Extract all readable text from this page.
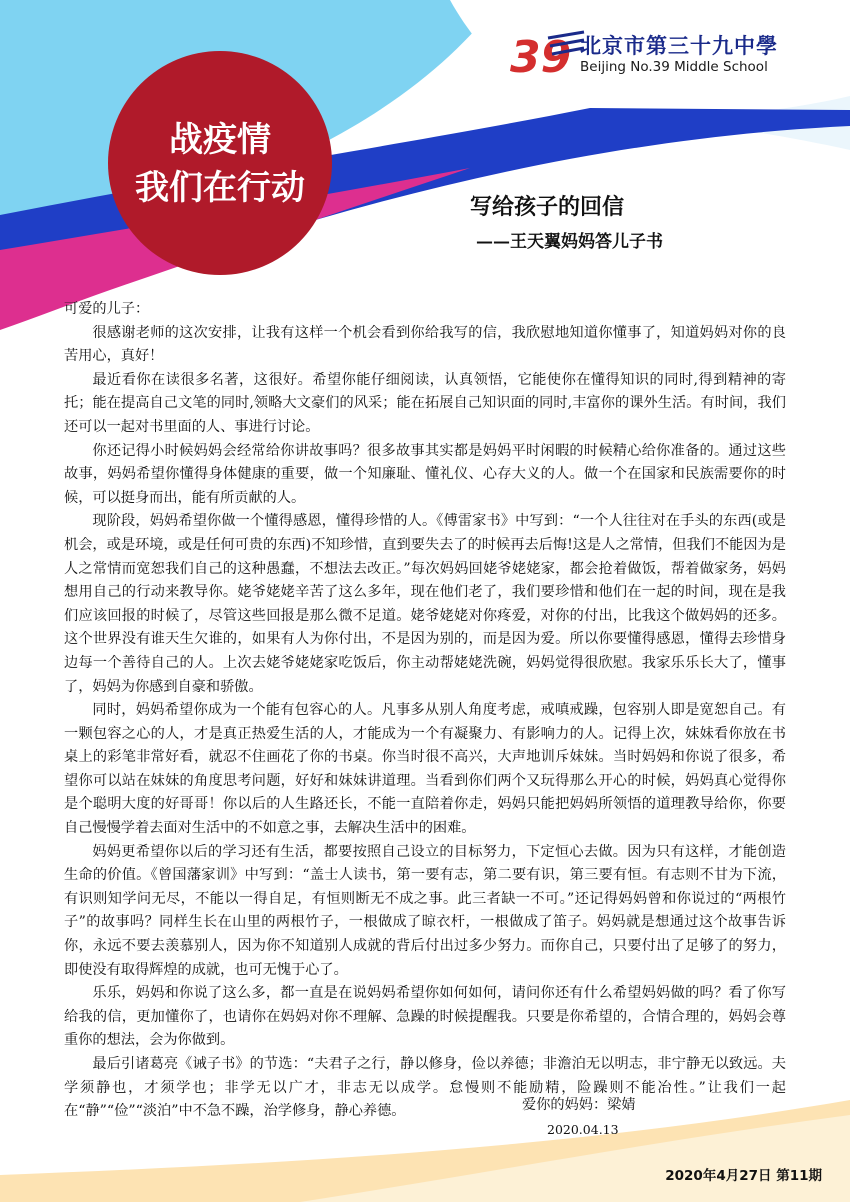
39 北京市第三十九中學
Beijing No.39 Middle School
战疫情
我们在行动	写给孩子的回信
——王天翼妈妈答儿子书

可爱的儿子：

很感谢老师的这次安排，让我有这样一个机会看到你给我写的信，我欣慰地知道你懂事了，知道妈妈对你的良苦用心，真好！

最近看你在读很多名著，这很好。希望你能仔细阅读，认真领悟，它能使你在懂得知识的同时,得到精神的寄托；能在提高自己文笔的同时,领略大文豪们的风采；能在拓展自己知识面的同时,丰富你的课外生活。有时间，我们还可以一起对书里面的人、事进行讨论。

你还记得小时候妈妈会经常给你讲故事吗？很多故事其实都是妈妈平时闲暇的时候精心给你准备的。通过这些故事，妈妈希望你懂得身体健康的重要，做一个知廉耻、懂礼仪、心存大义的人。做一个在国家和民族需要你的时候，可以挺身而出，能有所贡献的人。

现阶段，妈妈希望你做一个懂得感恩，懂得珍惜的人。《傅雷家书》中写到：“一个人往往对在手头的东西(或是机会，或是环境，或是任何可贵的东西)不知珍惜，直到要失去了的时候再去后悔!这是人之常情，但我们不能因为是人之常情而宽恕我们自己的这种愚蠢，不想法去改正。”每次妈妈回姥爷姥姥家，都会抢着做饭，帮着做家务，妈妈想用自己的行动来教导你。姥爷姥姥辛苦了这么多年，现在他们老了，我们要珍惜和他们在一起的时间，现在是我们应该回报的时候了，尽管这些回报是那么微不足道。姥爷姥姥对你疼爱，对你的付出，比我这个做妈妈的还多。这个世界没有谁天生欠谁的，如果有人为你付出，不是因为别的，而是因为爱。所以你要懂得感恩，懂得去珍惜身边每一个善待自己的人。上次去姥爷姥姥家吃饭后，你主动帮姥姥洗碗，妈妈觉得很欣慰。我家乐乐长大了，懂事了，妈妈为你感到自豪和骄傲。

同时，妈妈希望你成为一个能有包容心的人。凡事多从别人角度考虑，戒嗔戒躁，包容别人即是宽恕自己。有一颗包容之心的人，才是真正热爱生活的人，才能成为一个有凝聚力、有影响力的人。记得上次，妹妹看你放在书桌上的彩笔非常好看，就忍不住画花了你的书桌。你当时很不高兴，大声地训斥妹妹。当时妈妈和你说了很多，希望你可以站在妹妹的角度思考问题，好好和妹妹讲道理。当看到你们两个又玩得那么开心的时候，妈妈真心觉得你是个聪明大度的好哥哥！你以后的人生路还长，不能一直陪着你走，妈妈只能把妈妈所领悟的道理教导给你，你要自己慢慢学着去面对生活中的不如意之事，去解决生活中的困难。

妈妈更希望你以后的学习还有生活，都要按照自己设立的目标努力，下定恒心去做。因为只有这样，才能创造生命的价值。《曾国藩家训》中写到：“盖士人读书，第一要有志，第二要有识，第三要有恒。有志则不甘为下流，有识则知学问无尽，不能以一得自足，有恒则断无不成之事。此三者缺一不可。”还记得妈妈曾和你说过的“两根竹子”的故事吗？同样生长在山里的两根竹子，一根做成了晾衣杆，一根做成了笛子。妈妈就是想通过这个故事告诉你，永远不要去羡慕别人，因为你不知道别人成就的背后付出过多少努力。而你自己，只要付出了足够了的努力，即使没有取得辉煌的成就，也可无愧于心了。

乐乐，妈妈和你说了这么多，都一直是在说妈妈希望你如何如何，请问你还有什么希望妈妈做的吗？看了你写给我的信，更加懂你了，也请你在妈妈对你不理解、急躁的时候提醒我。只要是你希望的，合情合理的，妈妈会尊重你的想法，会为你做到。

最后引诸葛亮《诫子书》的节选：“夫君子之行，静以修身，俭以养德；非澹泊无以明志，非宁静无以致远。夫学须静也，才须学也；非学无以广才，非志无以成学。怠慢则不能励精，险躁则不能冶性。”让我们一起在“静”“俭”“淡泊”中不急不躁，治学修身，静心养德。	爱你的妈妈：梁婧
2020.04.13
2020年4月27日 第11期
